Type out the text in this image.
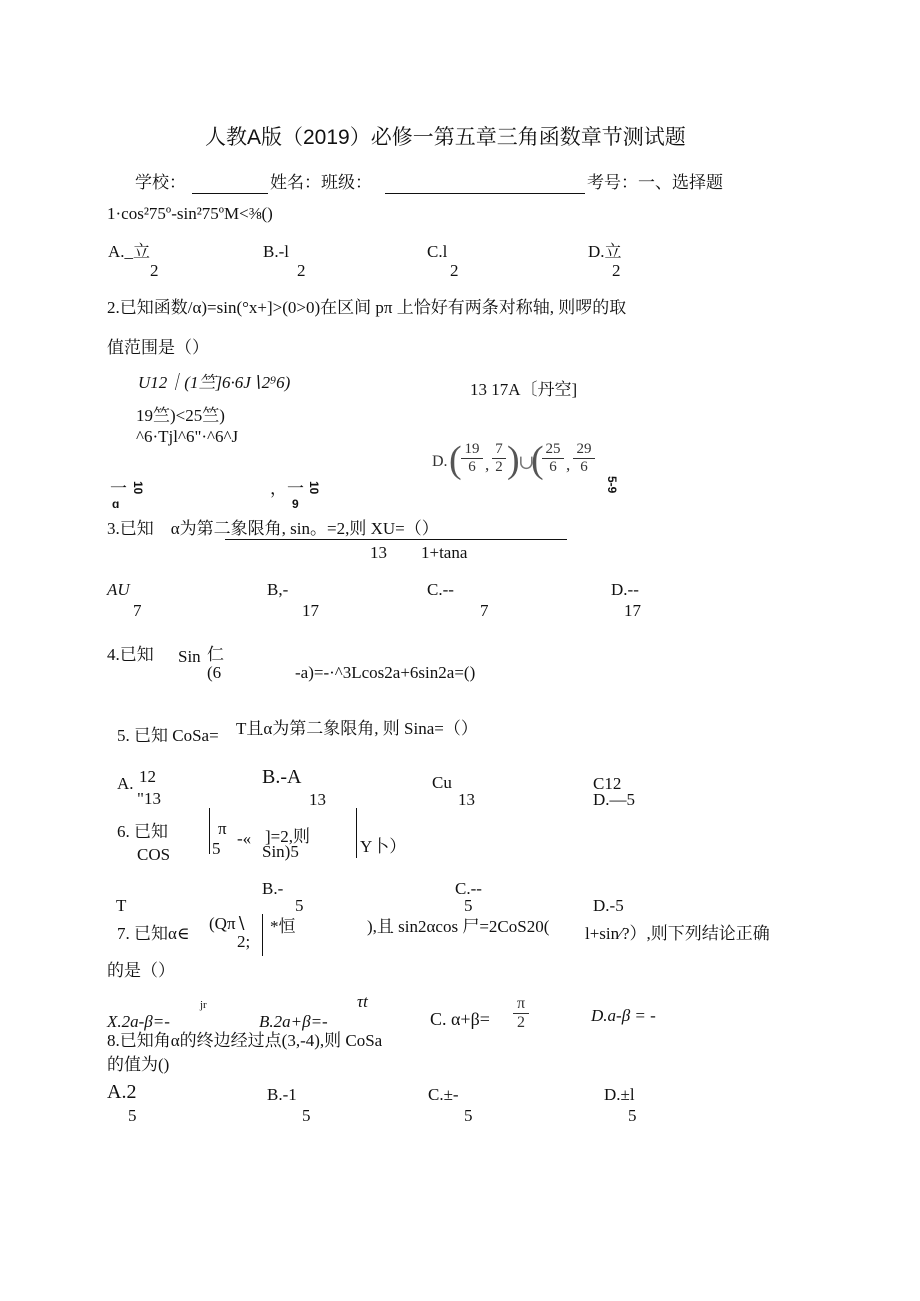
人教A版（2019）必修一第五章三角函数章节测试题
学校：	姓名：班级：	考号：一、选择题
1·cos²75º-sin²75ºM<⅜()
A._立
2
B.-l
2
C.l
2
D.立
2
2.已知函数/α)=sin(°x+]>(0>0)在区间 pπ 上恰好有两条对称轴, 则啰的取
值范围是（）
U12｜(1竺]6·6J∖2⁹6)	13 17A〔丹空]
19竺)<25竺)
^6·Tjl^6"·^6^J
一 10
ɑ
，一 10
9
5-9
D. ( 19
6 ,
7
2 )
∪
( 25
6 ,
29
6
3.已知　α为第二象限角, sin。=2,则 XU=（）
13　　1+tana
AU
7
B,-
17
C.--
7
D.--
17
4.已知 Sin 仁
(6	-a)=-·^3Lcos2a+6sin2a=()
5. 已知 CoSa= T且α为第二象限角, 则 Sina=（）
A. 12
"13
B.-A
13
Cu
13
C12
D.—5
6. 已知
COS
π
5
-« ]=2,则
Sin)5	Y卜）
T
B.-
5
C.--
5	D.-5
7. 已知α∈
(Qπ∖
2;
*恒	),且 sin2αcos 尸=2CoS20( l+sin∕?）,则下列结论正确
的是（）
X.2a-β=-
jr
B.2a+β=-
τt
C. α+β=
π
2	D.a-β = -
8.已知角α的终边经过点(3,-4),则 CoSa
的值为()
A.2
5
B.-1
5
C.±-
5
D.±l
5
